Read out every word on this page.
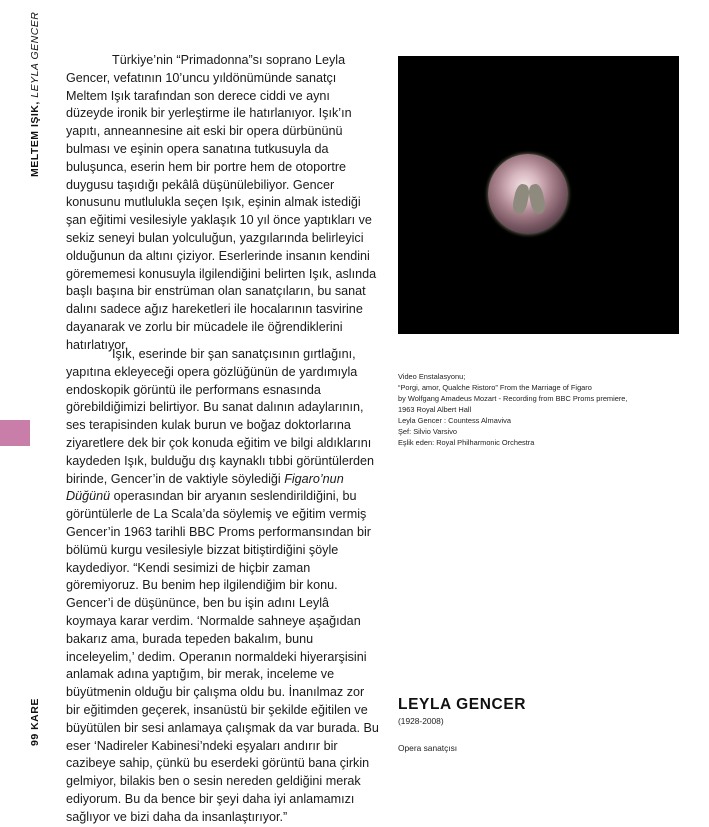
MELTEM IŞIK, LEYLA GENCER
99 KARE

Türkiye’nin “Primadonna”sı soprano Leyla Gencer, vefatının 10’uncu yıldönümünde sanatçı Meltem Işık tarafından son derece ciddi ve aynı düzeyde ironik bir yerleştirme ile hatırlanıyor. Işık’ın yapıtı, anneannesine ait eski bir opera dürbününü bulması ve eşinin opera sanatına tutkusuyla da buluşunca, eserin hem bir portre hem de otoportre duygusu taşıdığı pekâlâ düşünülebiliyor. Gencer konusunu mutlulukla seçen Işık, eşinin almak istediği şan eğitimi vesilesiyle yaklaşık 10 yıl önce yaptıkları ve sekiz seneyi bulan yolculuğun, yazgılarında belirleyici olduğunun da altını çiziyor. Eserlerinde insanın kendini görememesi konusuyla ilgilendiğini belirten Işık, aslında başlı başına bir enstrüman olan sanatçıların, bu sanat dalını sadece ağız hareketleri ile hocalarının tasvirine dayanarak ve zorlu bir mücadele ile öğrendiklerini hatırlatıyor.

Işık, eserinde bir şan sanatçısının gırtlağını, yapıtına ekleyeceği opera gözlüğünün de yardımıyla endoskopik görüntü ile performans esnasında görebildiğimizi belirtiyor. Bu sanat dalının adaylarının, ses terapisinden kulak burun ve boğaz doktorlarına ziyaretlere dek bir çok konuda eğitim ve bilgi aldıklarını kaydeden Işık, bulduğu dış kaynaklı tıbbi görüntülerden birinde, Gencer’in de vaktiyle söylediği Figaro’nun Düğünü operasından bir aryanın seslendirildiğini, bu görüntülerle de La Scala’da söylemiş ve eğitim vermiş Gencer’in 1963 tarihli BBC Proms performansından bir bölümü kurgu vesilesiyle bizzat bitiştirdiğini şöyle kaydediyor. “Kendi sesimizi de hiçbir zaman göremiyoruz. Bu benim hep ilgilendiğim bir konu. Gencer’i de düşününce, ben bu işin adını Leylâ koymaya karar verdim. ‘Normalde sahneye aşağıdan bakarız ama, burada tepeden bakalım, bunu inceleyelim,’ dedim. Operanın normaldeki hiyerarşisini anlamak adına yaptığım, bir merak, inceleme ve büyütmenin olduğu bir çalışma oldu bu. İnanılmaz zor bir eğitimden geçerek, insanüstü bir şekilde eğitilen ve büyütülen bir sesi anlamaya çalışmak da var burada. Bu eser ‘Nadireler Kabinesi’ndeki eşyaları andırır bir cazibeye sahip, çünkü bu eserdeki görüntü bana çirkin gelmiyor, bilakis ben o sesin nereden geldiğini merak ediyorum. Bu da bence bir şeyi daha iyi anlamamızı sağlıyor ve bizi daha da insanlaştırıyor.”

Video Enstalasyonu;
“Porgi, amor, Qualche Ristoro” From the Marriage of Figaro
by Wolfgang Amadeus Mozart - Recording from BBC Proms premiere,
1963 Royal Albert Hall
Leyla Gencer : Countess Almaviva
Şef: Silvio Varsivo
Eşlik eden: Royal Philharmonic Orchestra
LEYLA GENCER
(1928-2008)
Opera sanatçısı
